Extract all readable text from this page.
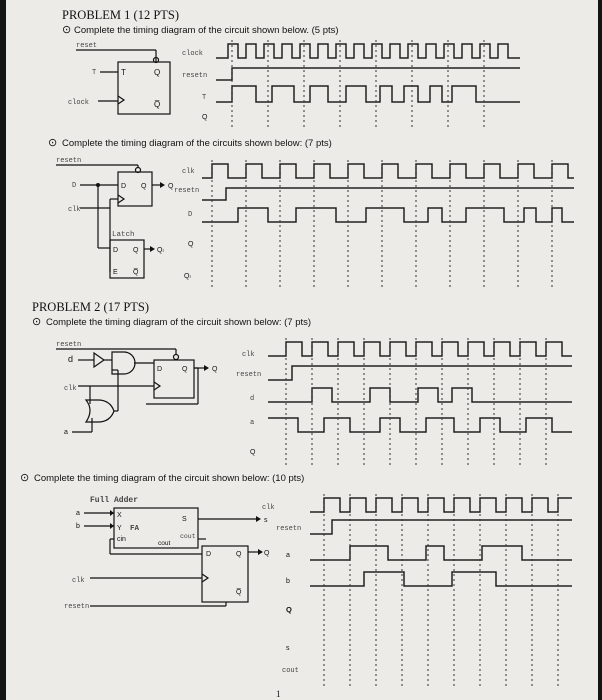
PROBLEM 1 (12 PTS)
⊙ Complete the timing diagram of the circuit shown below. (5 pts)
reset
T	T	Q
Q̅
clock
clock
resetn
T
Q
⊙ Complete the timing diagram of the circuits shown below: (7 pts)
resetn
D	D Q	Q
clk
Latch
D Q	Qₗ
E Q̅
clk
resetn
D
Q
Qₗ
PROBLEM 2 (17 PTS)
⊙ Complete the timing diagram of the circuit shown below: (7 pts)
resetn
d
D	Q	Q
clk
a
clk
resetn
d
a
Q
⊙ Complete the timing diagram of the circuit shown below: (10 pts)
Full Adder
a
b
X
Y FA
cin
S
cout
s
cout
D	Q
Q̅
Q
clk
resetn
clk
resetn
a
b
Q
s
cout
1
